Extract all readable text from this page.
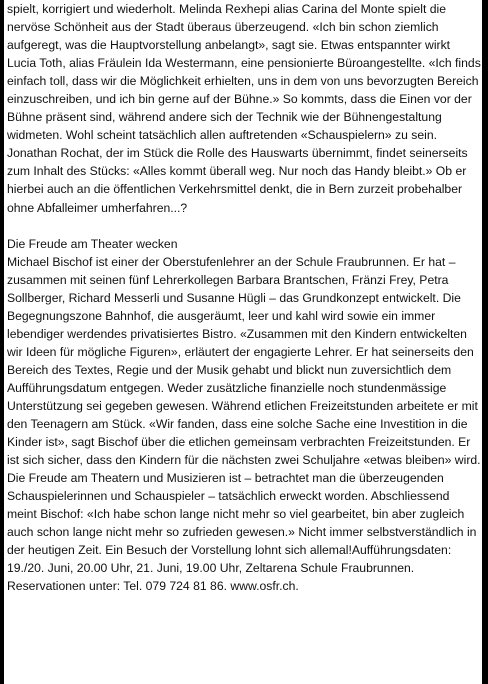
spielt, korrigiert und wiederholt. Melinda Rexhepi alias Carina del Monte spielt die nervöse Schönheit aus der Stadt überaus überzeugend. «Ich bin schon ziemlich aufgeregt, was die Hauptvorstellung anbelangt», sagt sie. Etwas entspannter wirkt Lucia Toth, alias Fräulein Ida Westermann, eine pensionierte Büroangestellte. «Ich finds einfach toll, dass wir die Möglichkeit erhielten, uns in dem von uns bevorzugten Bereich einzuschreiben, und ich bin gerne auf der Bühne.» So kommts, dass die Einen vor der Bühne präsent sind, während andere sich der Technik wie der Bühnengestaltung widmeten. Wohl scheint tatsächlich allen auftretenden «Schauspielern» zu sein. Jonathan Rochat, der im Stück die Rolle des Hauswarts übernimmt, findet seinerseits zum Inhalt des Stücks: «Alles kommt überall weg. Nur noch das Handy bleibt.» Ob er hierbei auch an die öffentlichen Verkehrsmittel denkt, die in Bern zurzeit probehalber ohne Abfalleimer umherfahren...?

Die Freude am Theater wecken

Michael Bischof ist einer der Oberstufenlehrer an der Schule Fraubrunnen. Er hat – zusammen mit seinen fünf Lehrerkollegen Barbara Brantschen, Fränzi Frey, Petra Sollberger, Richard Messerli und Susanne Hügli – das Grundkonzept entwickelt. Die Begegnungszone Bahnhof, die ausgeräumt, leer und kahl wird sowie ein immer lebendiger werdendes privatisiertes Bistro. «Zusammen mit den Kindern entwickelten wir Ideen für mögliche Figuren», erläutert der engagierte Lehrer. Er hat seinerseits den Bereich des Textes, Regie und der Musik gehabt und blickt nun zuversichtlich dem Aufführungsdatum entgegen. Weder zusätzliche finanzielle noch stundenmässige Unterstützung sei gegeben gewesen. Während etlichen Freizeitstunden arbeitete er mit den Teenagern am Stück. «Wir fanden, dass eine solche Sache eine Investition in die Kinder ist», sagt Bischof über die etlichen gemeinsam verbrachten Freizeitstunden. Er ist sich sicher, dass den Kindern für die nächsten zwei Schuljahre «etwas bleiben» wird. Die Freude am Theatern und Musizieren ist – betrachtet man die überzeugenden Schauspielerinnen und Schauspieler – tatsächlich erweckt worden. Abschliessend meint Bischof: «Ich habe schon lange nicht mehr so viel gearbeitet, bin aber zugleich auch schon lange nicht mehr so zufrieden gewesen.» Nicht immer selbstverständlich in der heutigen Zeit. Ein Besuch der Vorstellung lohnt sich allemal!Aufführungsdaten: 19./20. Juni, 20.00 Uhr, 21. Juni, 19.00 Uhr, Zeltarena Schule Fraubrunnen. Reservationen unter: Tel. 079 724 81 86. www.osfr.ch.
